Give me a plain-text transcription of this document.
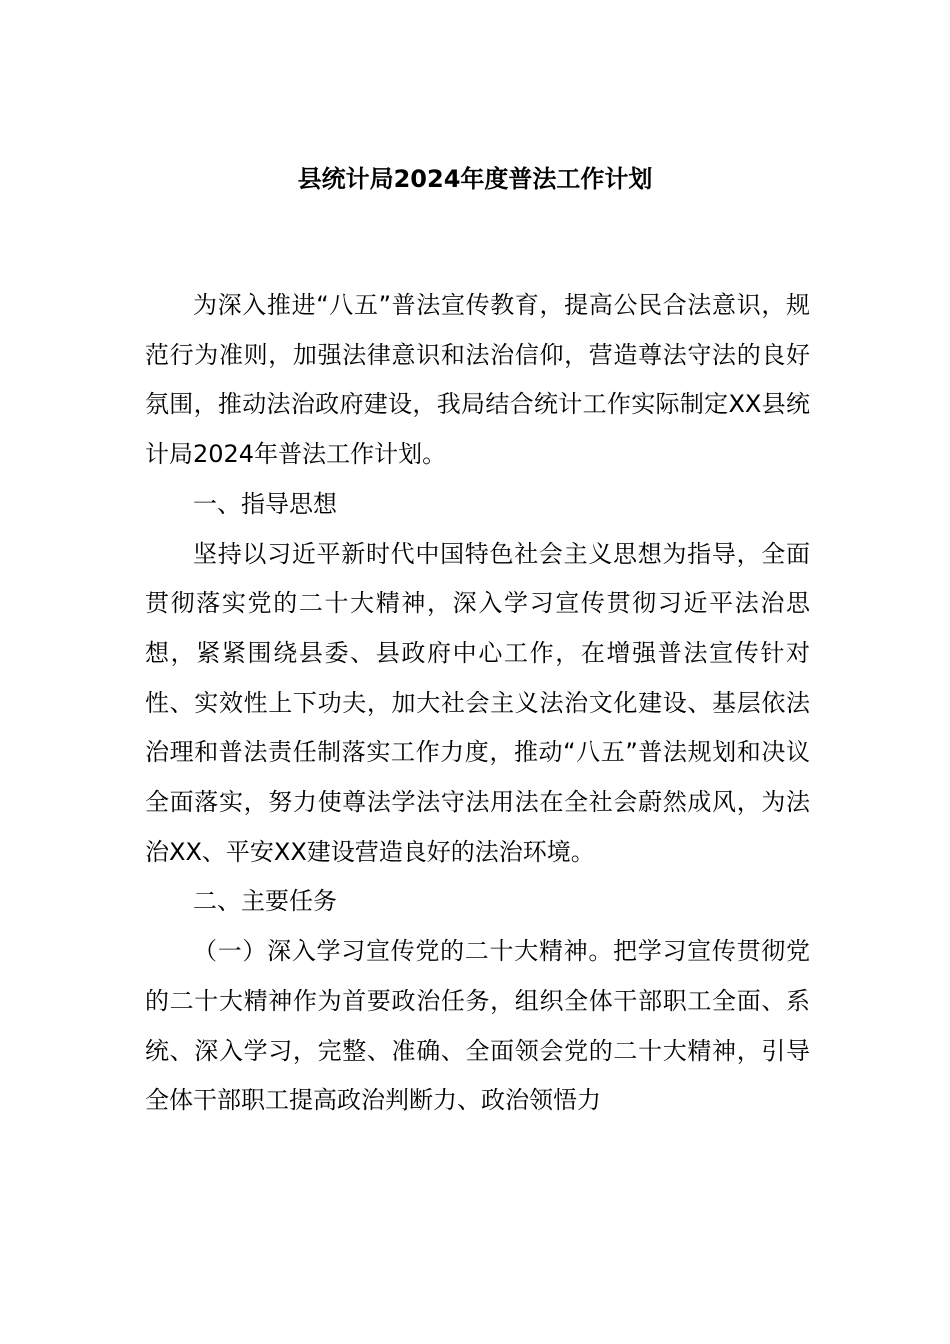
县统计局2024年度普法工作计划

为深入推进“八五”普法宣传教育，提高公民合法意识，规范行为准则，加强法律意识和法治信仰，营造尊法守法的良好氛围，推动法治政府建设，我局结合统计工作实际制定XX县统计局2024年普法工作计划。

一、指导思想

坚持以习近平新时代中国特色社会主义思想为指导，全面贯彻落实党的二十大精神，深入学习宣传贯彻习近平法治思想，紧紧围绕县委、县政府中心工作，在增强普法宣传针对性、实效性上下功夫，加大社会主义法治文化建设、基层依法治理和普法责任制落实工作力度，推动“八五”普法规划和决议全面落实，努力使尊法学法守法用法在全社会蔚然成风，为法治XX、平安XX建设营造良好的法治环境。

二、主要任务

（一）深入学习宣传党的二十大精神。把学习宣传贯彻党的二十大精神作为首要政治任务，组织全体干部职工全面、系统、深入学习，完整、准确、全面领会党的二十大精神，引导全体干部职工提高政治判断力、政治领悟力
